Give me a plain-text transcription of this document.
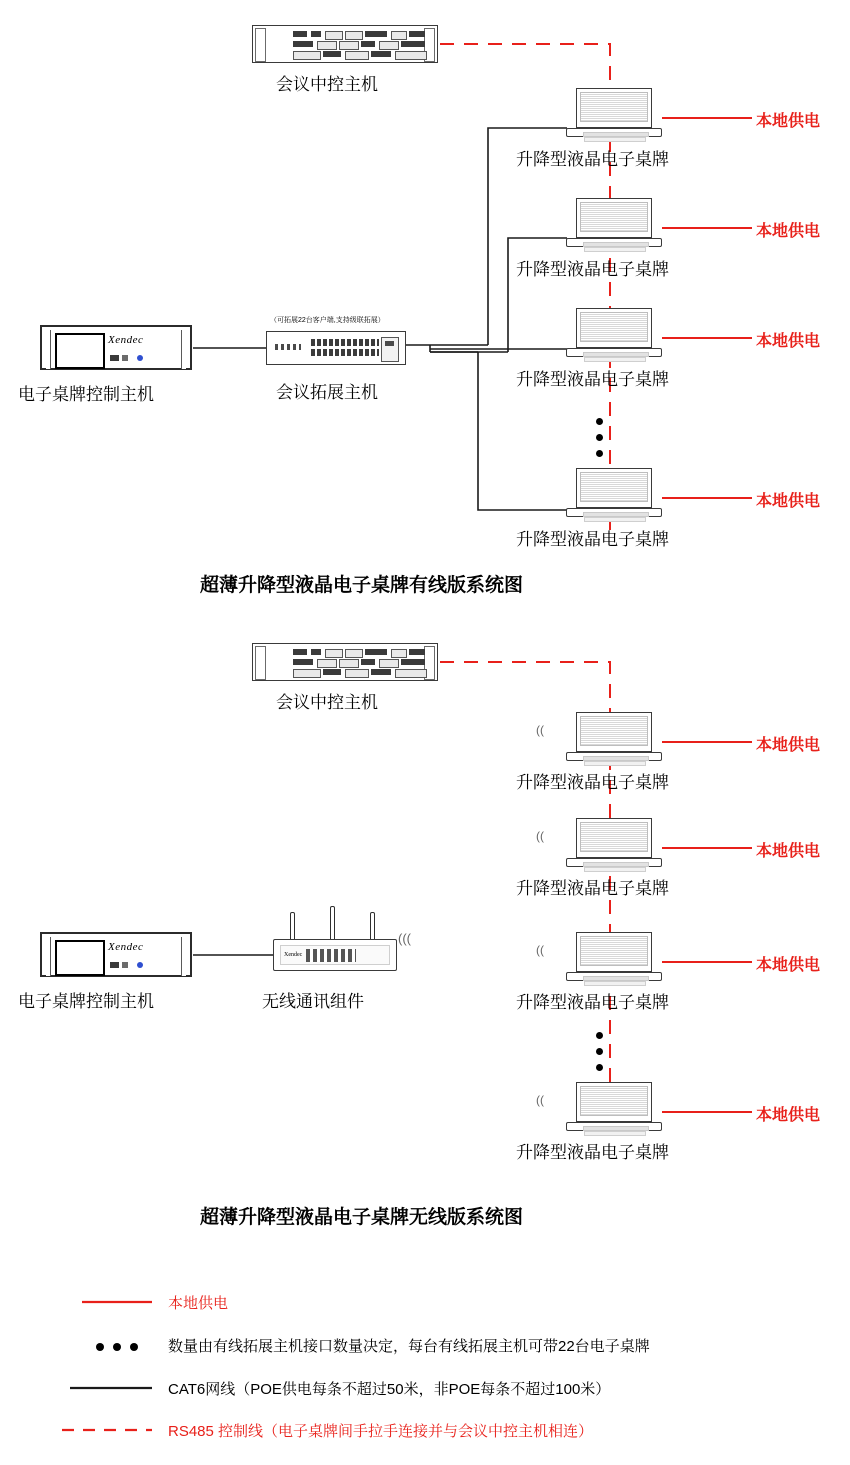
会议中控主机
Xendec
电子桌牌控制主机
（可拓展22台客户端,支持级联拓展）
会议拓展主机
升降型液晶电子桌牌
本地供电
升降型液晶电子桌牌
本地供电
升降型液晶电子桌牌
本地供电
升降型液晶电子桌牌
本地供电
超薄升降型液晶电子桌牌有线版系统图
会议中控主机
Xendec
电子桌牌控制主机
Xendec
(((
无线通讯组件
((
升降型液晶电子桌牌
本地供电
((
升降型液晶电子桌牌
本地供电
((
升降型液晶电子桌牌
本地供电
((
升降型液晶电子桌牌
本地供电
超薄升降型液晶电子桌牌无线版系统图
本地供电
数量由有线拓展主机接口数量决定，每台有线拓展主机可带22台电子桌牌
CAT6网线（POE供电每条不超过50米，非POE每条不超过100米）
RS485 控制线（电子桌牌间手拉手连接并与会议中控主机相连）
